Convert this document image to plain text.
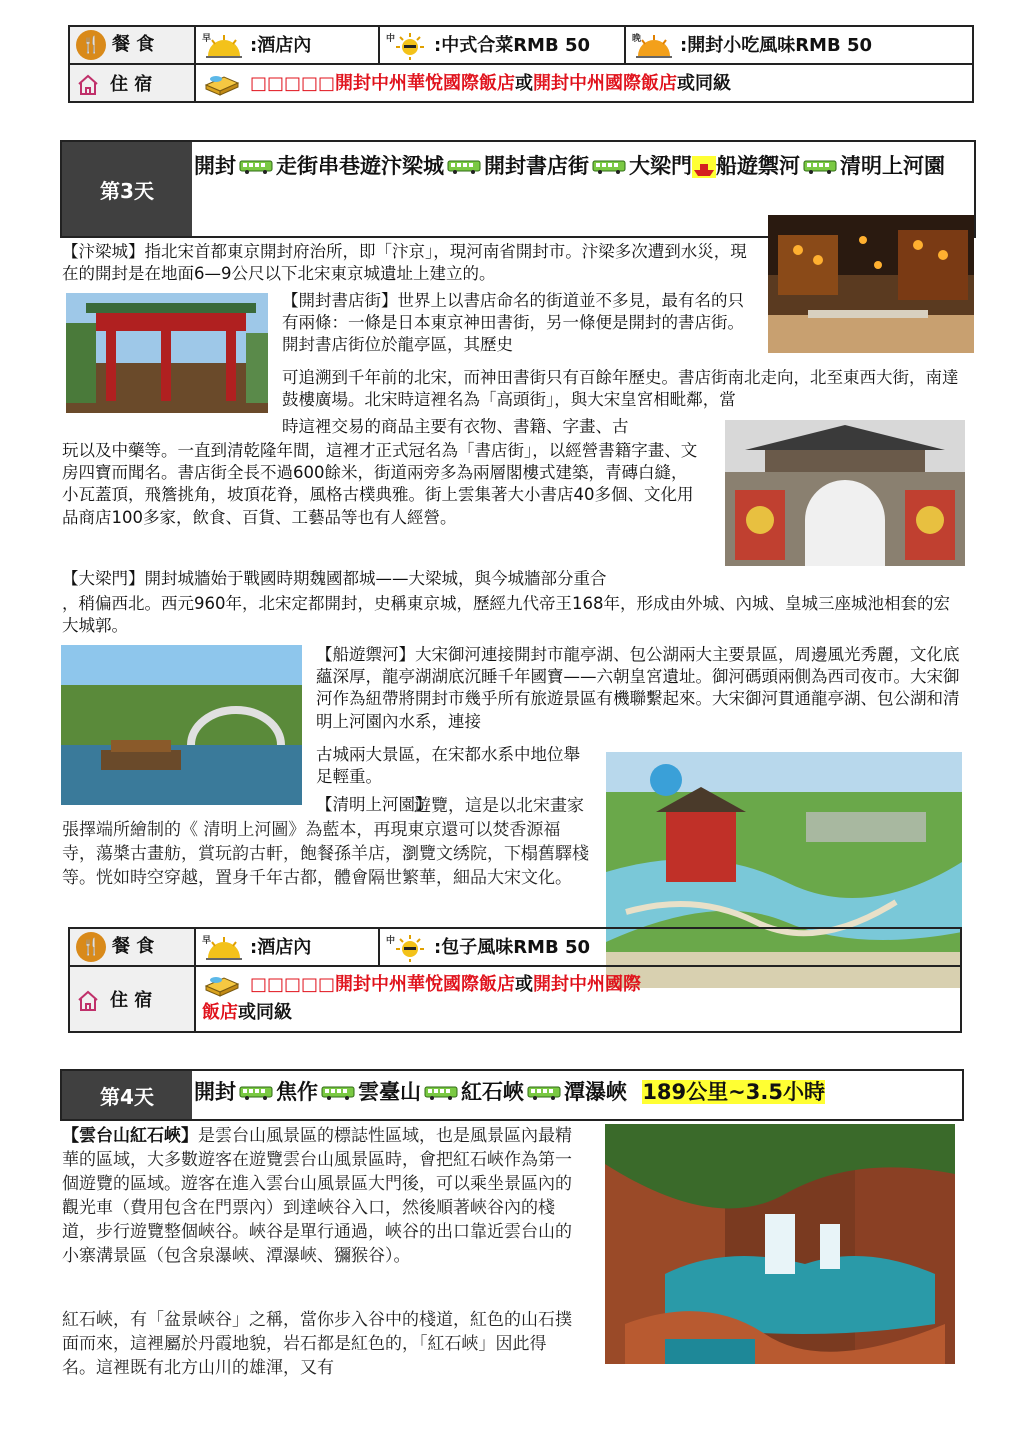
🍴 餐 食	早 :酒店內	中 :中式合菜RMB 50	晚 :開封小吃風味RMB 50
住 宿	□□□□□開封中州華悅國際飯店或開封中州國際飯店或同級		
第3天
開封 走街串巷遊汴梁城 開封書店街 大梁門 船遊禦河 清明上河園
【汴梁城】指北宋首都東京開封府治所，即「汴京」，現河南省開封市。汴梁多次遭到水災，現在的開封是在地面6—9公尺以下北宋東京城遺址上建立的。
【開封書店街】世界上以書店命名的街道並不多見，最有名的只有兩條：一條是日本東京神田書街，另一條便是開封的書店街。開封書店街位於龍亭區，其歷史
可追溯到千年前的北宋，而神田書街只有百餘年歷史。書店街南北走向，北至東西大街，南達鼓樓廣場。北宋時這裡名為「高頭街」，與大宋皇宮相毗鄰，當
時這裡交易的商品主要有衣物、書籍、字畫、古
玩以及中藥等。一直到清乾隆年間，這裡才正式冠名為「書店街」，以經營書籍字畫、文房四寶而聞名。書店街全長不過600餘米，街道兩旁多為兩層閣樓式建築，青磚白縫，小瓦蓋頂，飛簷挑角，坡頂花脊，風格古樸典雅。街上雲集著大小書店40多個、文化用品商店100多家，飲食、百貨、工藝品等也有人經營。
【大梁門】開封城牆始于戰國時期魏國都城——大梁城，與今城牆部分重合
，稍偏西北。西元960年，北宋定都開封，史稱東京城，歷經九代帝王168年，形成由外城、內城、皇城三座城池相套的宏大城郭。
【船遊禦河】大宋御河連接開封市龍亭湖、包公湖兩大主要景區，周邊風光秀麗，文化底蘊深厚，龍亭湖湖底沉睡千年國寶——六朝皇宮遺址。御河碼頭兩側為西司夜市。大宋御河作為紐帶將開封市幾乎所有旅遊景區有機聯繫起來。大宋御河貫通龍亭湖、包公湖和清明上河園內水系，連接
古城兩大景區，在宋都水系中地位舉足輕重。
【清明上河園】
遊覽，這是以北宋畫家張擇端所繪制的《 清明上河圖》為藍本，再現東京還可以焚香源福寺，蕩槳古畫舫，賞玩韵古軒，飽餐孫羊店，瀏覽文绣院，下榻舊驛棧等。恍如時空穿越，置身千年古都，體會隔世繁華，細品大宋文化。
🍴 餐 食	早 :酒店內	中 :包子風味RMB 50
住 宿	□□□□□開封中州華悅國際飯店或開封中州國際
飯店或同級	
第4天	開封 焦作 雲臺山 紅石峽 潭瀑峽 189公里~3.5小時
【雲台山紅石峽】是雲台山風景區的標誌性區域，也是風景區內最精華的區域，大多數遊客在遊覽雲台山風景區時，會把紅石峽作為第一個遊覽的區域。遊客在進入雲台山風景區大門後，可以乘坐景區內的觀光車（費用包含在門票內）到達峽谷入口，然後順著峽谷內的棧道，步行遊覽整個峽谷。峽谷是單行通過，峽谷的出口靠近雲台山的小寨溝景區（包含泉瀑峽、潭瀑峽、獼猴谷）。
紅石峽，有「盆景峽谷」之稱，當你步入谷中的棧道，紅色的山石撲面而來，這裡屬於丹霞地貌，岩石都是紅色的，「紅石峽」因此得名。這裡既有北方山川的雄渾，又有
